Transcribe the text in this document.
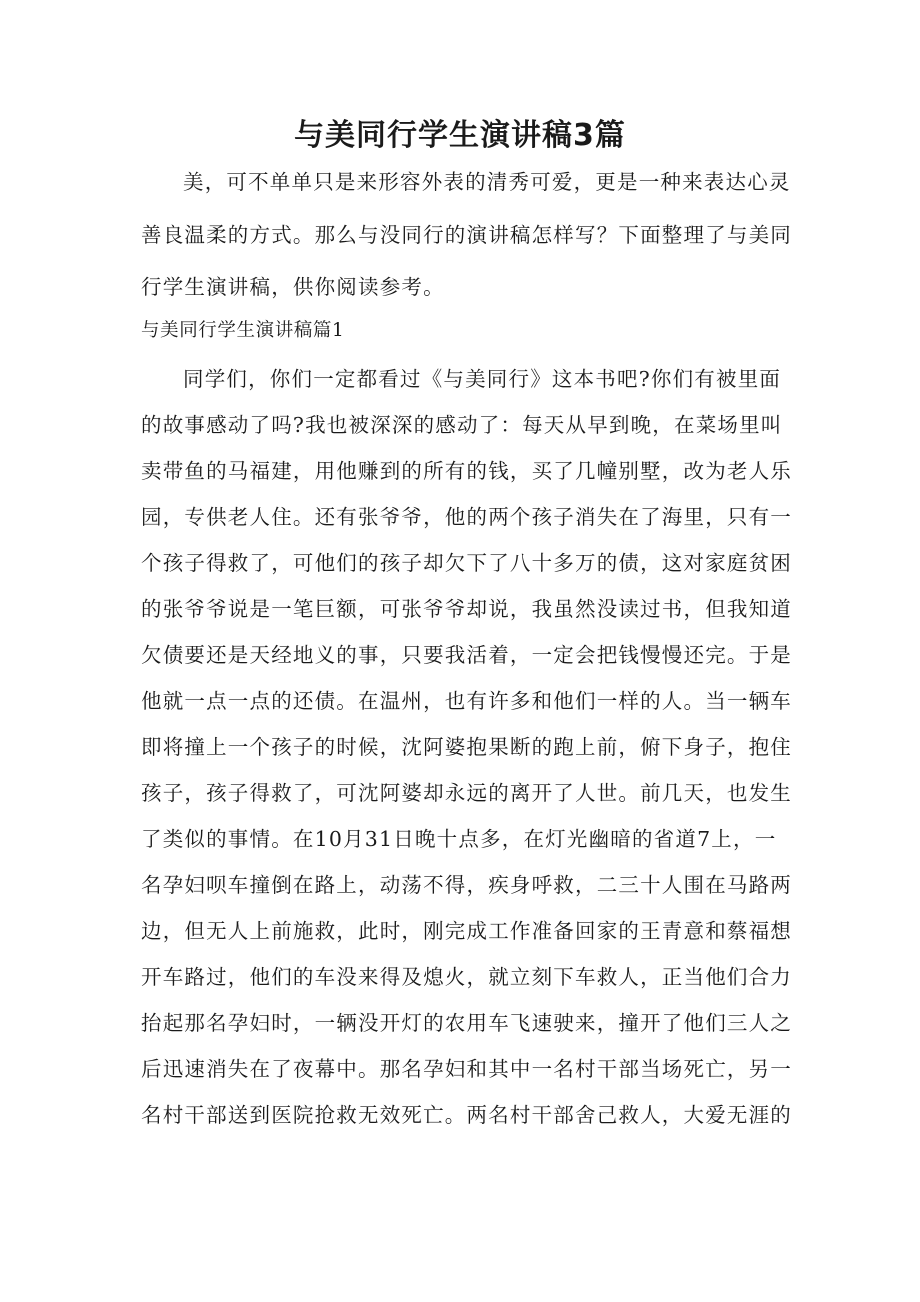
与美同行学生演讲稿3篇
美，可不单单只是来形容外表的清秀可爱，更是一种来表达心灵
善良温柔的方式。那么与没同行的演讲稿怎样写？下面整理了与美同
行学生演讲稿，供你阅读参考。
与美同行学生演讲稿篇1
同学们，你们一定都看过《与美同行》这本书吧?你们有被里面
的故事感动了吗?我也被深深的感动了：每天从早到晚，在菜场里叫
卖带鱼的马福建，用他赚到的所有的钱，买了几幢别墅，改为老人乐
园，专供老人住。还有张爷爷，他的两个孩子消失在了海里，只有一
个孩子得救了，可他们的孩子却欠下了八十多万的债，这对家庭贫困
的张爷爷说是一笔巨额，可张爷爷却说，我虽然没读过书，但我知道
欠债要还是天经地义的事，只要我活着，一定会把钱慢慢还完。于是
他就一点一点的还债。在温州，也有许多和他们一样的人。当一辆车
即将撞上一个孩子的时候，沈阿婆抱果断的跑上前，俯下身子，抱住
孩子，孩子得救了，可沈阿婆却永远的离开了人世。前几天，也发生
了类似的事情。在10月31日晚十点多，在灯光幽暗的省道7上，一
名孕妇呗车撞倒在路上，动荡不得，疾身呼救，二三十人围在马路两
边，但无人上前施救，此时，刚完成工作准备回家的王青意和蔡福想
开车路过，他们的车没来得及熄火，就立刻下车救人，正当他们合力
抬起那名孕妇时，一辆没开灯的农用车飞速驶来，撞开了他们三人之
后迅速消失在了夜幕中。那名孕妇和其中一名村干部当场死亡，另一
名村干部送到医院抢救无效死亡。两名村干部舍己救人，大爱无涯的
